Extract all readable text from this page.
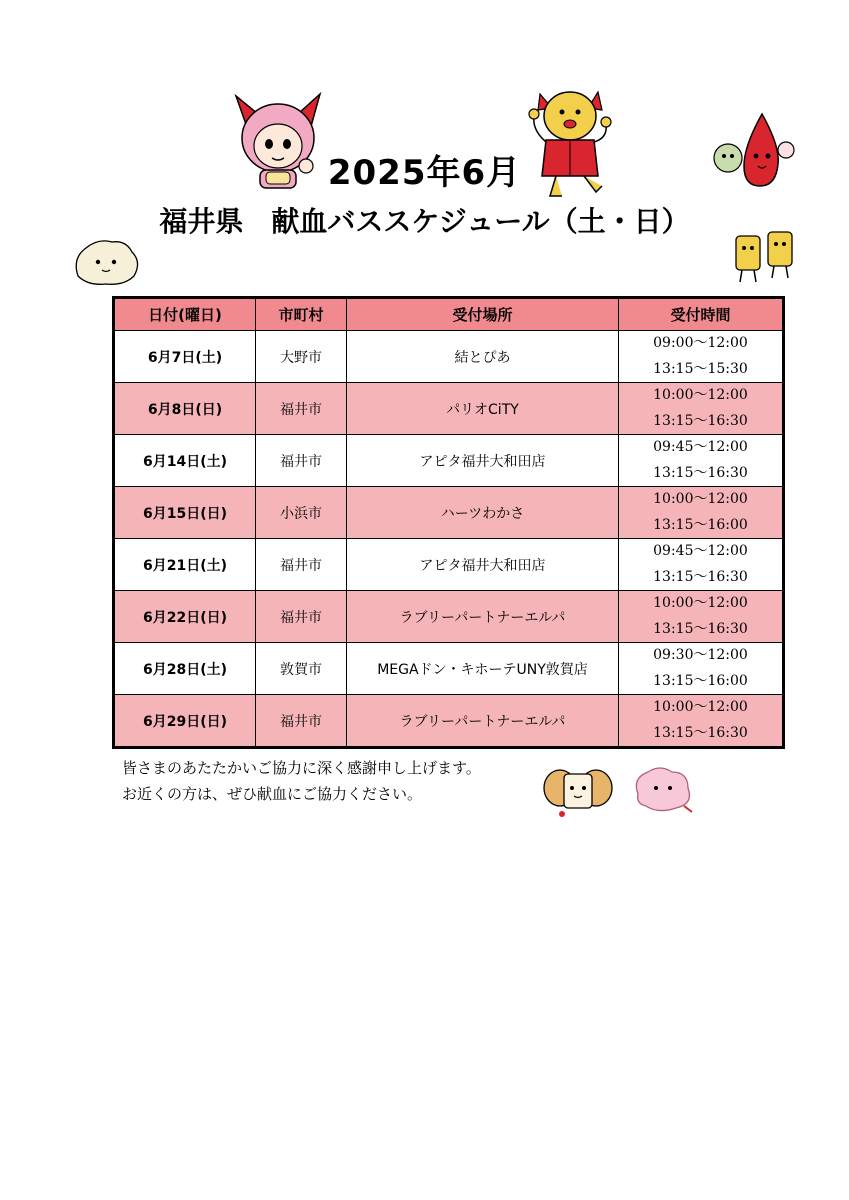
2025年6月
福井県　献血バススケジュール（土・日）
日付(曜日)	市町村	受付場所	受付時間
6月7日(土)	大野市	結とぴあ	09:00～12:00
13:15～15:30

6月8日(日)	福井市	パリオCiTY	10:00～12:00
13:15～16:30

6月14日(土)	福井市	アピタ福井大和田店	09:45～12:00
13:15～16:30

6月15日(日)	小浜市	ハーツわかさ	10:00～12:00
13:15～16:00

6月21日(土)	福井市	アピタ福井大和田店	09:45～12:00
13:15～16:30

6月22日(日)	福井市	ラブリーパートナーエルパ	10:00～12:00
13:15～16:30

6月28日(土)	敦賀市	MEGAドン・キホーテUNY敦賀店	09:30～12:00
13:15～16:00

6月29日(日)	福井市	ラブリーパートナーエルパ	10:00～12:00
13:15～16:30
皆さまのあたたかいご協力に深く感謝申し上げます。
お近くの方は、ぜひ献血にご協力ください。
